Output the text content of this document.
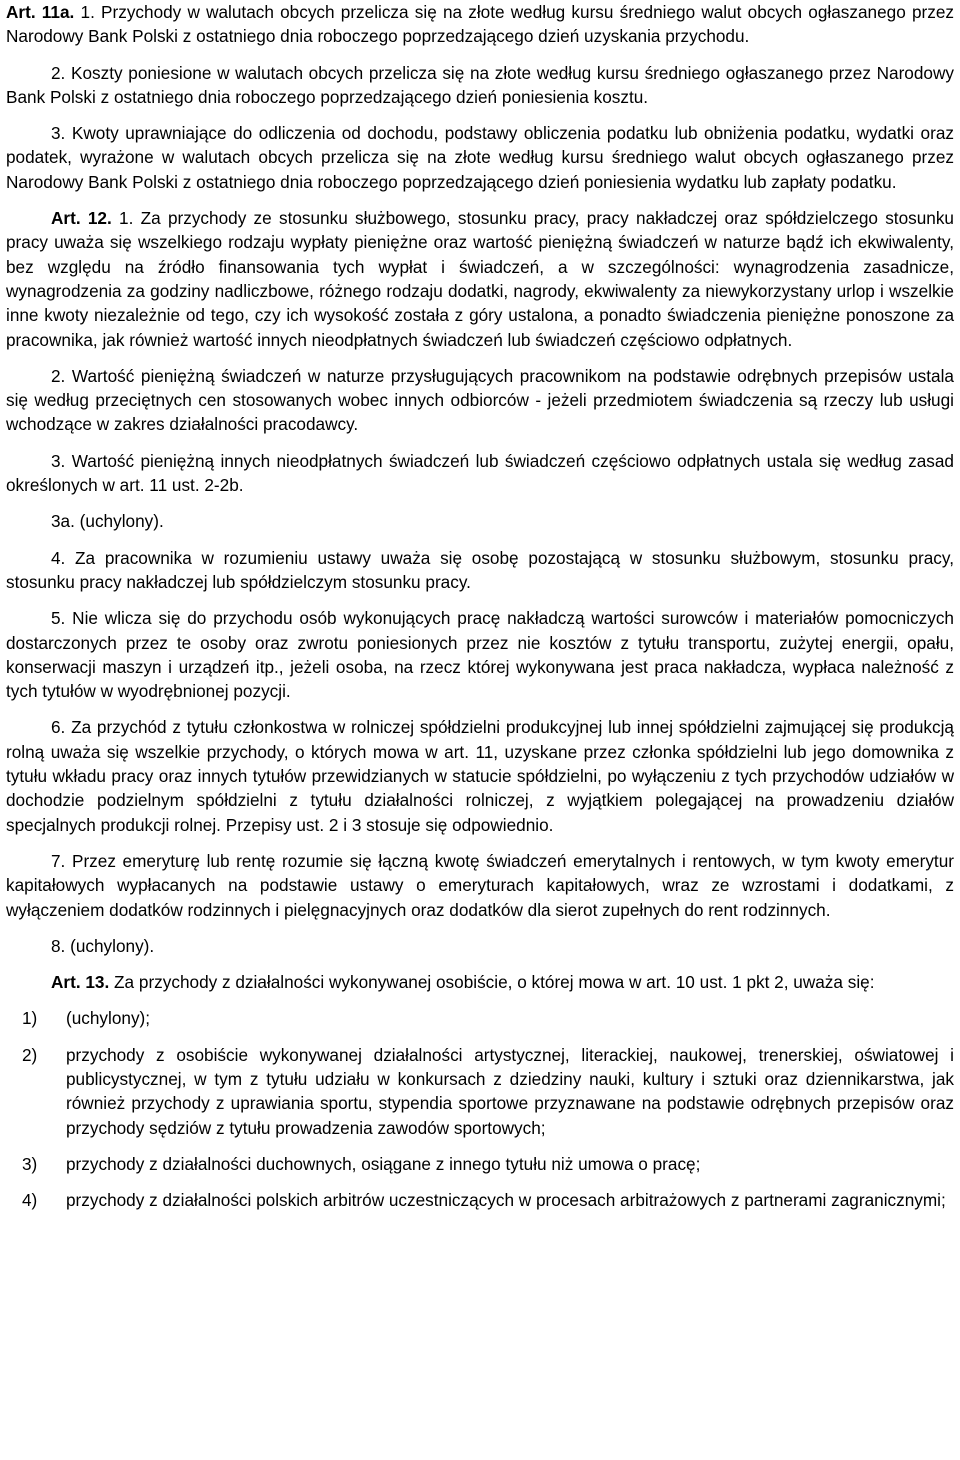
Art. 11a. 1. Przychody w walutach obcych przelicza się na złote według kursu średniego walut obcych ogłaszanego przez Narodowy Bank Polski z ostatniego dnia roboczego poprzedzającego dzień uzyskania przychodu.

2. Koszty poniesione w walutach obcych przelicza się na złote według kursu średniego ogłaszanego przez Narodowy Bank Polski z ostatniego dnia roboczego poprzedzającego dzień poniesienia kosztu.

3. Kwoty uprawniające do odliczenia od dochodu, podstawy obliczenia podatku lub obniżenia podatku, wydatki oraz podatek, wyrażone w walutach obcych przelicza się na złote według kursu średniego walut obcych ogłaszanego przez Narodowy Bank Polski z ostatniego dnia roboczego poprzedzającego dzień poniesienia wydatku lub zapłaty podatku.

Art. 12. 1. Za przychody ze stosunku służbowego, stosunku pracy, pracy nakładczej oraz spółdzielczego stosunku pracy uważa się wszelkiego rodzaju wypłaty pieniężne oraz wartość pieniężną świadczeń w naturze bądź ich ekwiwalenty, bez względu na źródło finansowania tych wypłat i świadczeń, a w szczególności: wynagrodzenia zasadnicze, wynagrodzenia za godziny nadliczbowe, różnego rodzaju dodatki, nagrody, ekwiwalenty za niewykorzystany urlop i wszelkie inne kwoty niezależnie od tego, czy ich wysokość została z góry ustalona, a ponadto świadczenia pieniężne ponoszone za pracownika, jak również wartość innych nieodpłatnych świadczeń lub świadczeń częściowo odpłatnych.

2. Wartość pieniężną świadczeń w naturze przysługujących pracownikom na podstawie odrębnych przepisów ustala się według przeciętnych cen stosowanych wobec innych odbiorców - jeżeli przedmiotem świadczenia są rzeczy lub usługi wchodzące w zakres działalności pracodawcy.

3. Wartość pieniężną innych nieodpłatnych świadczeń lub świadczeń częściowo odpłatnych ustala się według zasad określonych w art. 11 ust. 2-2b.

3a. (uchylony).

4. Za pracownika w rozumieniu ustawy uważa się osobę pozostającą w stosunku służbowym, stosunku pracy, stosunku pracy nakładczej lub spółdzielczym stosunku pracy.

5. Nie wlicza się do przychodu osób wykonujących pracę nakładczą wartości surowców i materiałów pomocniczych dostarczonych przez te osoby oraz zwrotu poniesionych przez nie kosztów z tytułu transportu, zużytej energii, opału, konserwacji maszyn i urządzeń itp., jeżeli osoba, na rzecz której wykonywana jest praca nakładcza, wypłaca należność z tych tytułów w wyodrębnionej pozycji.

6. Za przychód z tytułu członkostwa w rolniczej spółdzielni produkcyjnej lub innej spółdzielni zajmującej się produkcją rolną uważa się wszelkie przychody, o których mowa w art. 11, uzyskane przez członka spółdzielni lub jego domownika z tytułu wkładu pracy oraz innych tytułów przewidzianych w statucie spółdzielni, po wyłączeniu z tych przychodów udziałów w dochodzie podzielnym spółdzielni z tytułu działalności rolniczej, z wyjątkiem polegającej na prowadzeniu działów specjalnych produkcji rolnej. Przepisy ust. 2 i 3 stosuje się odpowiednio.

7. Przez emeryturę lub rentę rozumie się łączną kwotę świadczeń emerytalnych i rentowych, w tym kwoty emerytur kapitałowych wypłacanych na podstawie ustawy o emeryturach kapitałowych, wraz ze wzrostami i dodatkami, z wyłączeniem dodatków rodzinnych i pielęgnacyjnych oraz dodatków dla sierot zupełnych do rent rodzinnych.

8. (uchylony).

Art. 13. Za przychody z działalności wykonywanej osobiście, o której mowa w art. 10 ust. 1 pkt 2, uważa się:

1)	(uchylony);
2)	przychody z osobiście wykonywanej działalności artystycznej, literackiej, naukowej, trenerskiej, oświatowej i publicystycznej, w tym z tytułu udziału w konkursach z dziedziny nauki, kultury i sztuki oraz dziennikarstwa, jak również przychody z uprawiania sportu, stypendia sportowe przyznawane na podstawie odrębnych przepisów oraz przychody sędziów z tytułu prowadzenia zawodów sportowych;
3)	przychody z działalności duchownych, osiągane z innego tytułu niż umowa o pracę;
4)	przychody z działalności polskich arbitrów uczestniczących w procesach arbitrażowych z partnerami zagranicznymi;
